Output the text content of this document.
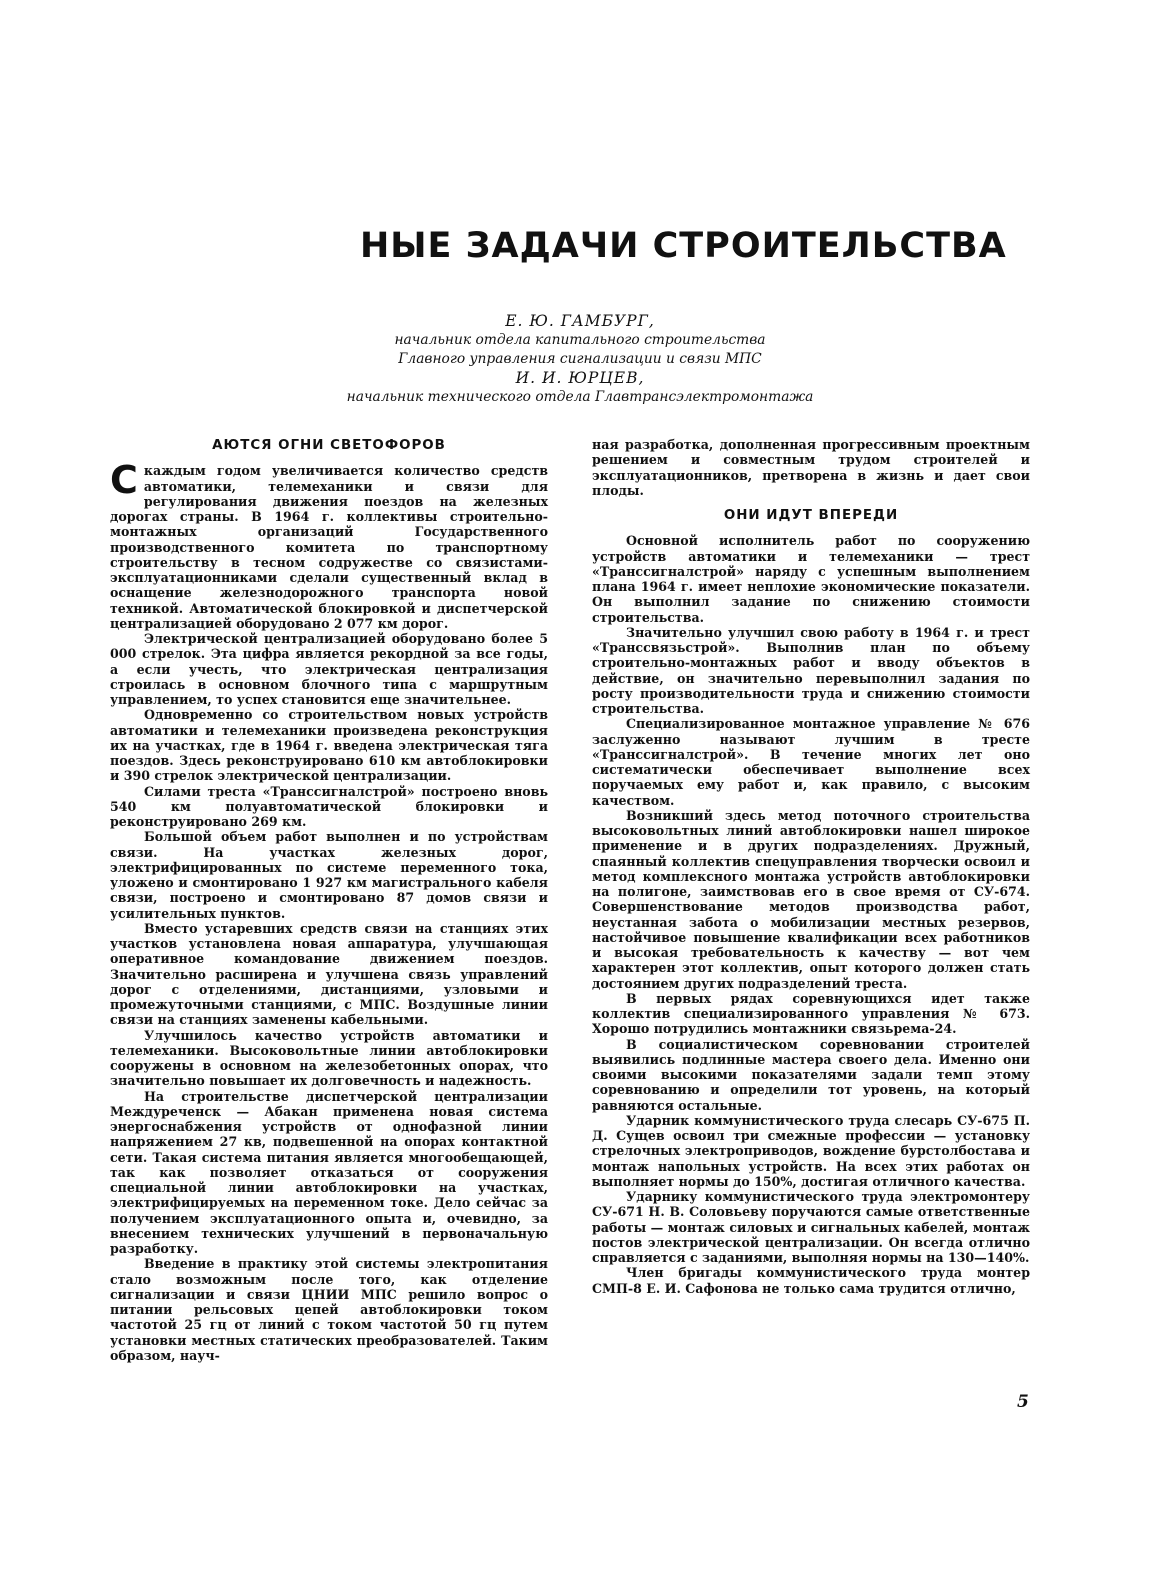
НЫЕ ЗАДАЧИ СТРОИТЕЛЬСТВА
Е. Ю. ГАМБУРГ,
начальник отдела капитального строительства
Главного управления сигнализации и связи МПС
И. И. ЮРЦЕВ,
начальник технического отдела Главтрансэлектромонтажа
АЮТСЯ ОГНИ СВЕТОФОРОВ

Скаждым годом увеличивается количество средств автоматики, телемеханики и связи для регулирования движения поездов на железных дорогах страны. В 1964 г. коллективы строительно-монтажных организаций Государственного производственного комитета по транспортному строительству в тесном содружестве со связистами-эксплуатационниками сделали существенный вклад в оснащение железнодорожного транспорта новой техникой. Автоматической блокировкой и диспетчерской централизацией оборудовано 2 077 км дорог.

Электрической централизацией оборудовано более 5 000 стрелок. Эта цифра является рекордной за все годы, а если учесть, что электрическая централизация строилась в основном блочного типа с маршрутным управлением, то успех становится еще значительнее.

Одновременно со строительством новых устройств автоматики и телемеханики произведена реконструкция их на участках, где в 1964 г. введена электрическая тяга поездов. Здесь реконструировано 610 км автоблокировки и 390 стрелок электрической централизации.

Силами треста «Транссигналстрой» построено вновь 540 км полуавтоматической блокировки и реконструировано 269 км.

Большой объем работ выполнен и по устройствам связи. На участках железных дорог, электрифицированных по системе переменного тока, уложено и смонтировано 1 927 км магистрального кабеля связи, построено и смонтировано 87 домов связи и усилительных пунктов.

Вместо устаревших средств связи на станциях этих участков установлена новая аппаратура, улучшающая оперативное командование движением поездов. Значительно расширена и улучшена связь управлений дорог с отделениями, дистанциями, узловыми и промежуточными станциями, с МПС. Воздушные линии связи на станциях заменены кабельными.

Улучшилось качество устройств автоматики и телемеханики. Высоковольтные линии автоблокировки сооружены в основном на железобетонных опорах, что значительно повышает их долговечность и надежность.

На строительстве диспетчерской централизации Междуреченск — Абакан применена новая система энергоснабжения устройств от однофазной линии напряжением 27 кв, подвешенной на опорах контактной сети. Такая система питания является многообещающей, так как позволяет отказаться от сооружения специальной линии автоблокировки на участках, электрифицируемых на переменном токе. Дело сейчас за получением эксплуатационного опыта и, очевидно, за внесением технических улучшений в первоначальную разработку.

Введение в практику этой системы электропитания стало возможным после того, как отделение сигнализации и связи ЦНИИ МПС решило вопрос о питании рельсовых цепей автоблокировки током частотой 25 гц от линий с током частотой 50 гц путем установки местных статических преобразователей. Таким образом, науч-

ная разработка, дополненная прогрессивным проектным решением и совместным трудом строителей и эксплуатационников, претворена в жизнь и дает свои плоды.

ОНИ ИДУТ ВПЕРЕДИ

Основной исполнитель работ по сооружению устройств автоматики и телемеханики — трест «Транссигналстрой» наряду с успешным выполнением плана 1964 г. имеет неплохие экономические показатели. Он выполнил задание по снижению стоимости строительства.

Значительно улучшил свою работу в 1964 г. и трест «Транссвязьстрой». Выполнив план по объему строительно-монтажных работ и вводу объектов в действие, он значительно перевыполнил задания по росту производительности труда и снижению стоимости строительства.

Специализированное монтажное управление № 676 заслуженно называют лучшим в тресте «Транссигналстрой». В течение многих лет оно систематически обеспечивает выполнение всех поручаемых ему работ и, как правило, с высоким качеством.

Возникший здесь метод поточного строительства высоковольтных линий автоблокировки нашел широкое применение и в других подразделениях. Дружный, спаянный коллектив спецуправления творчески освоил и метод комплексного монтажа устройств автоблокировки на полигоне, заимствовав его в свое время от СУ-674. Совершенствование методов производства работ, неустанная забота о мобилизации местных резервов, настойчивое повышение квалификации всех работников и высокая требовательность к качеству — вот чем характерен этот коллектив, опыт которого должен стать достоянием других подразделений треста.

В первых рядах соревнующихся идет также коллектив специализированного управления № 673. Хорошо потрудились монтажники связьрема-24.

В социалистическом соревновании строителей выявились подлинные мастера своего дела. Именно они своими высокими показателями задали темп этому соревнованию и определили тот уровень, на который равняются остальные.

Ударник коммунистического труда слесарь СУ-675 П. Д. Сущев освоил три смежные профессии — установку стрелочных электроприводов, вождение бурстолбостава и монтаж напольных устройств. На всех этих работах он выполняет нормы до 150%, достигая отличного качества.

Ударнику коммунистического труда электромонтеру СУ-671 Н. В. Соловьеву поручаются самые ответственные работы — монтаж силовых и сигнальных кабелей, монтаж постов электрической централизации. Он всегда отлично справляется с заданиями, выполняя нормы на 130—140%.

Член бригады коммунистического труда монтер СМП-8 Е. И. Сафонова не только сама трудится отлично,

5
